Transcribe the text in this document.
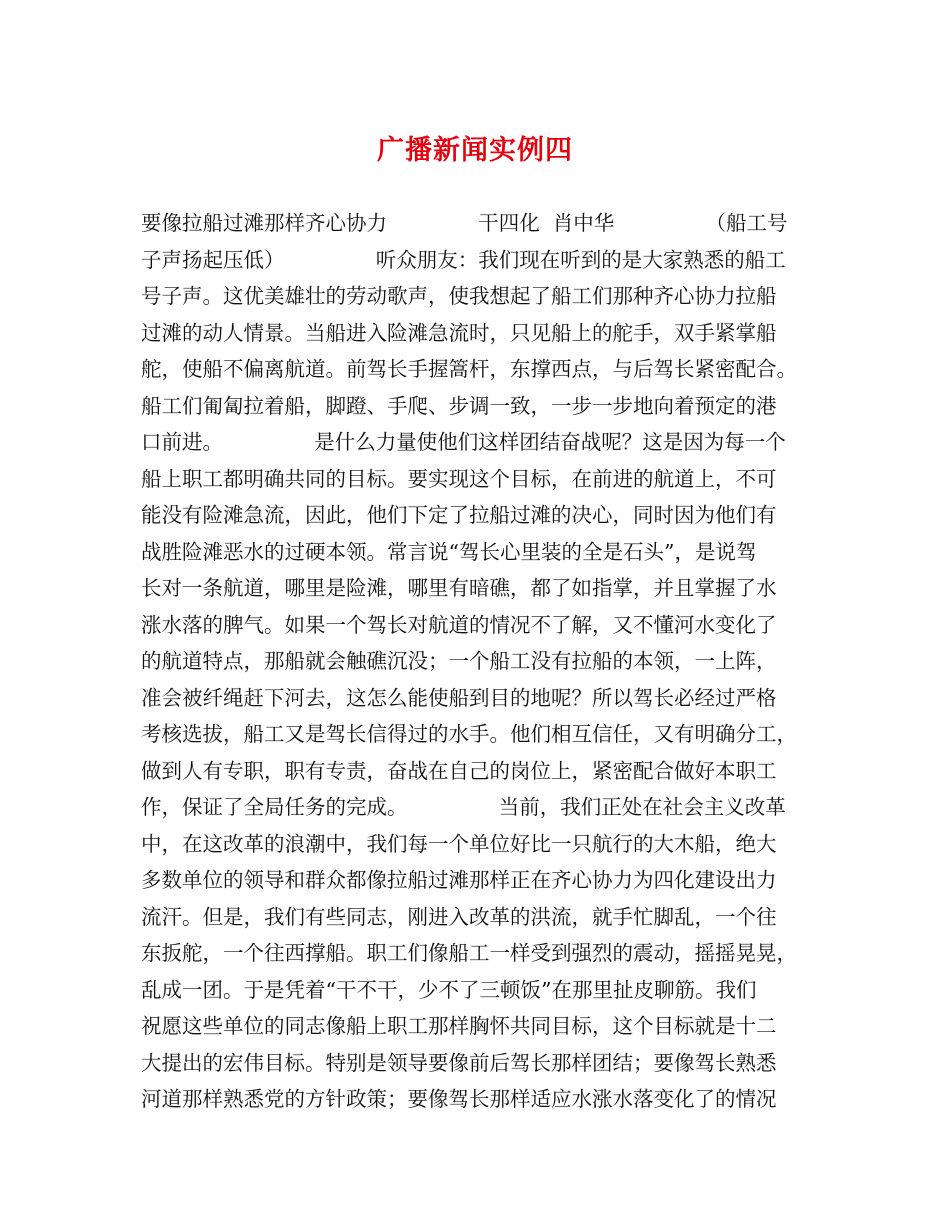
广播新闻实例四
要像拉船过滩那样齐心协力              干四化  肖中华              （船工号
子声扬起压低）              听众朋友：我们现在听到的是大家熟悉的船工
号子声。这优美雄壮的劳动歌声，使我想起了船工们那种齐心协力拉船
过滩的动人情景。当船进入险滩急流时，只见船上的舵手，双手紧掌船
舵，使船不偏离航道。前驾长手握篙杆，东撑西点，与后驾长紧密配合。
船工们匍匐拉着船，脚蹬、手爬、步调一致，一步一步地向着预定的港
口前进。              是什么力量使他们这样团结奋战呢？这是因为每一个
船上职工都明确共同的目标。要实现这个目标，在前进的航道上，不可
能没有险滩急流，因此，他们下定了拉船过滩的决心，同时因为他们有
战胜险滩恶水的过硬本领。常言说“驾长心里装的全是石头”，是说驾
长对一条航道，哪里是险滩，哪里有暗礁，都了如指掌，并且掌握了水
涨水落的脾气。如果一个驾长对航道的情况不了解，又不懂河水变化了
的航道特点，那船就会触礁沉没；一个船工没有拉船的本领，一上阵，
准会被纤绳赶下河去，这怎么能使船到目的地呢？所以驾长必经过严格
考核选拔，船工又是驾长信得过的水手。他们相互信任，又有明确分工，
做到人有专职，职有专责，奋战在自己的岗位上，紧密配合做好本职工
作，保证了全局任务的完成。              当前，我们正处在社会主义改革
中，在这改革的浪潮中，我们每一个单位好比一只航行的大木船，绝大
多数单位的领导和群众都像拉船过滩那样正在齐心协力为四化建设出力
流汗。但是，我们有些同志，刚进入改革的洪流，就手忙脚乱，一个往
东扳舵，一个往西撑船。职工们像船工一样受到强烈的震动，摇摇晃晃，
乱成一团。于是凭着“干不干，少不了三顿饭”在那里扯皮聊筋。我们
祝愿这些单位的同志像船上职工那样胸怀共同目标，这个目标就是十二
大提出的宏伟目标。特别是领导要像前后驾长那样团结；要像驾长熟悉
河道那样熟悉党的方针政策；要像驾长那样适应水涨水落变化了的情况
